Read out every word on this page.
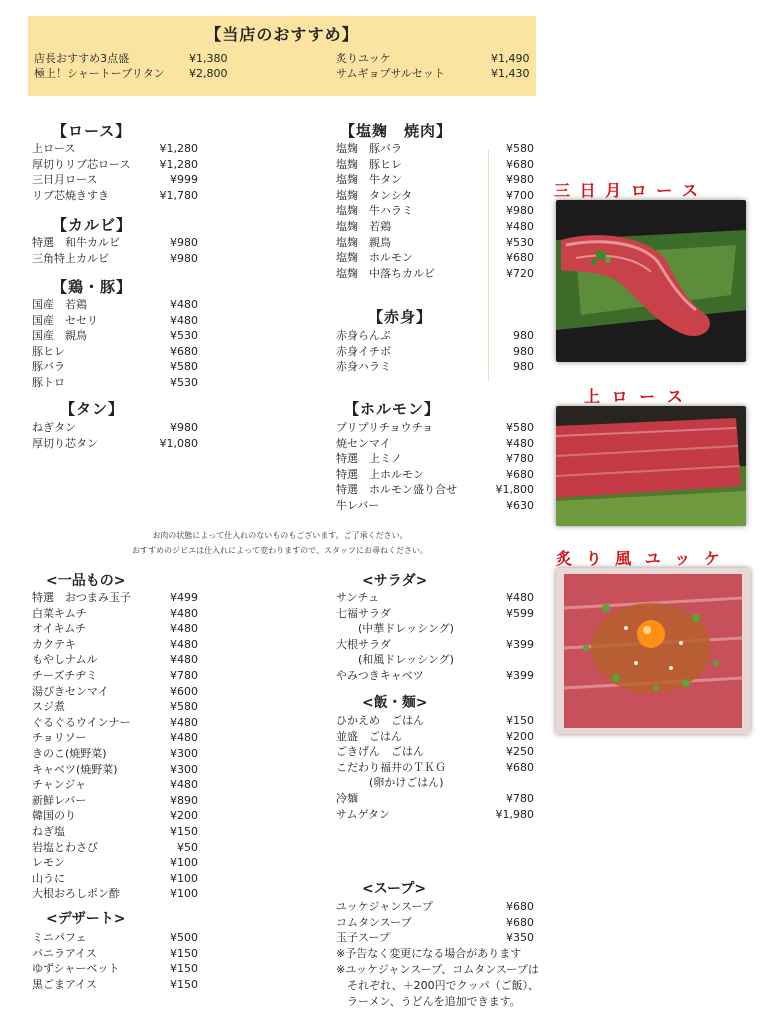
【当店のおすすめ】
店長おすすめ3点盛	¥1,380
極上！シャートーブリタン ¥2,800
炙りユッケ	¥1,490
サムギョプサルセット	¥1,430
【ロース】
上ロース	¥1,280
厚切りリブ芯ロース	¥1,280
三日月ロース	¥999
リブ芯焼きすき	¥1,780
【カルビ】
特選　和牛カルビ	¥980
三角特上カルビ	¥980
【鶏・豚】
国産　若鶏	¥480
国産　セセリ	¥480
国産　親鳥	¥530
豚ヒレ	¥680
豚バラ	¥580
豚トロ	¥530
【タン】
ねぎタン	¥980
厚切り芯タン	¥1,080
【塩麹　焼肉】
塩麹　豚バラ	¥580
塩麹　豚ヒレ	¥680
塩麹　牛タン	¥980
塩麹　タンシタ	¥700
塩麹　牛ハラミ	¥980
塩麹　若鶏	¥480
塩麹　親鳥	¥530
塩麹　ホルモン	¥680
塩麹　中落ちカルビ	¥720
【赤身】
赤身らんぷ	980
赤身イチボ	980
赤身ハラミ	980
【ホルモン】
プリプリチョウチョ	¥580
焼センマイ	¥480
特選　上ミノ	¥780
特選　上ホルモン	¥680
特選　ホルモン盛り合せ	¥1,800
牛レバー	¥630
お肉の状態によって仕入れのないものもございます。ご了承ください。
おすすめのジビエは仕入れによって変わりますので、スタッフにお尋ねください。
<一品もの>
特選　おつまみ玉子	¥499
白菜キムチ	¥480
オイキムチ	¥480
カクテキ	¥480
もやしナムル	¥480
チーズチヂミ	¥780
湯びきセンマイ	¥600
スジ煮	¥580
ぐるぐるウインナー	¥480
チョリソー	¥480
きのこ(焼野菜)	¥300
キャベツ(焼野菜)	¥300
チャンジャ	¥480
新鮮レバー	¥890
韓国のり	¥200
ねぎ塩	¥150
岩塩とわさび	¥50
レモン	¥100
山うに	¥100
大根おろしポン酢	¥100
<デザート>
ミニパフェ	¥500
バニラアイス	¥150
ゆずシャーベット	¥150
黒ごまアイス	¥150
<サラダ>
サンチュ	¥480
七福サラダ	¥599
　　(中華ドレッシング)
大根サラダ	¥399
　　(和風ドレッシング)
やみつきキャベツ	¥399
<飯・麺>
ひかえめ　ごはん	¥150
並盛　ごはん	¥200
ごきげん　ごはん	¥250
こだわり福井のＴＫＧ	¥680
　　　(卵かけごはん)
冷麺	¥780
サムゲタン	¥1,980
<スープ>
ユッケジャンスープ	¥680
コムタンスープ	¥680
玉子スープ	¥350
※予告なく変更になる場合があります
※ユッケジャンスープ、コムタンスープは
　それぞれ、＋200円でクッパ（ご飯）、
　ラーメン、うどんを追加できます。
三 日 月 ロ ー ス
上 ロ ー ス
炙 り 風 ユ ッ ケ
